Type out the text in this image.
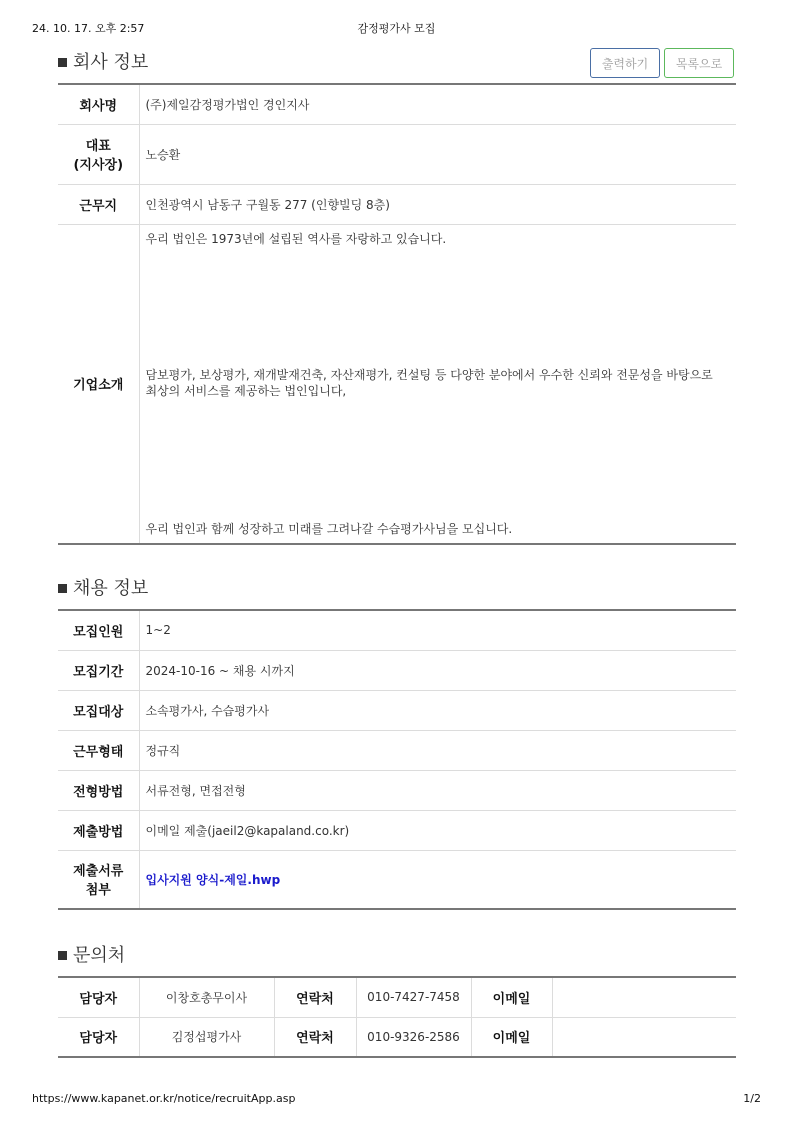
24. 10. 17. 오후 2:57	감정평가사 모집
회사 정보	출력하기	목록으로
회사명	(주)제일감정평가법인 경인지사

대표
(지사장)	노승환
근무지	인천광역시 남동구 구월동 277 (인향빌딩 8층)
기업소개	우리 법인은 1973년에 설립된 역사를 자랑하고 있습니다.
담보평가, 보상평가, 재개발재건축, 자산재평가, 컨설팅 등 다양한 분야에서 우수한 신뢰와 전문성을 바탕으로 최상의 서비스를 제공하는 법인입니다,
우리 법인과 함께 성장하고 미래를 그려나갈 수습평가사님을 모십니다.
채용 정보
모집인원	1~2
모집기간	2024-10-16 ~ 채용 시까지
모집대상	소속평가사, 수습평가사
근무형태	정규직
전형방법	서류전형, 면접전형
제출방법	이메일 제출(jaeil2@kapaland.co.kr)

제출서류
첨부	입사지원 양식-제일.hwp
문의처
담당자	이창호총무이사	연락처	010-7427-7458	이메일	
담당자	김정섭평가사	연락처	010-9326-2586	이메일	
https://www.kapanet.or.kr/notice/recruitApp.asp	1/2
